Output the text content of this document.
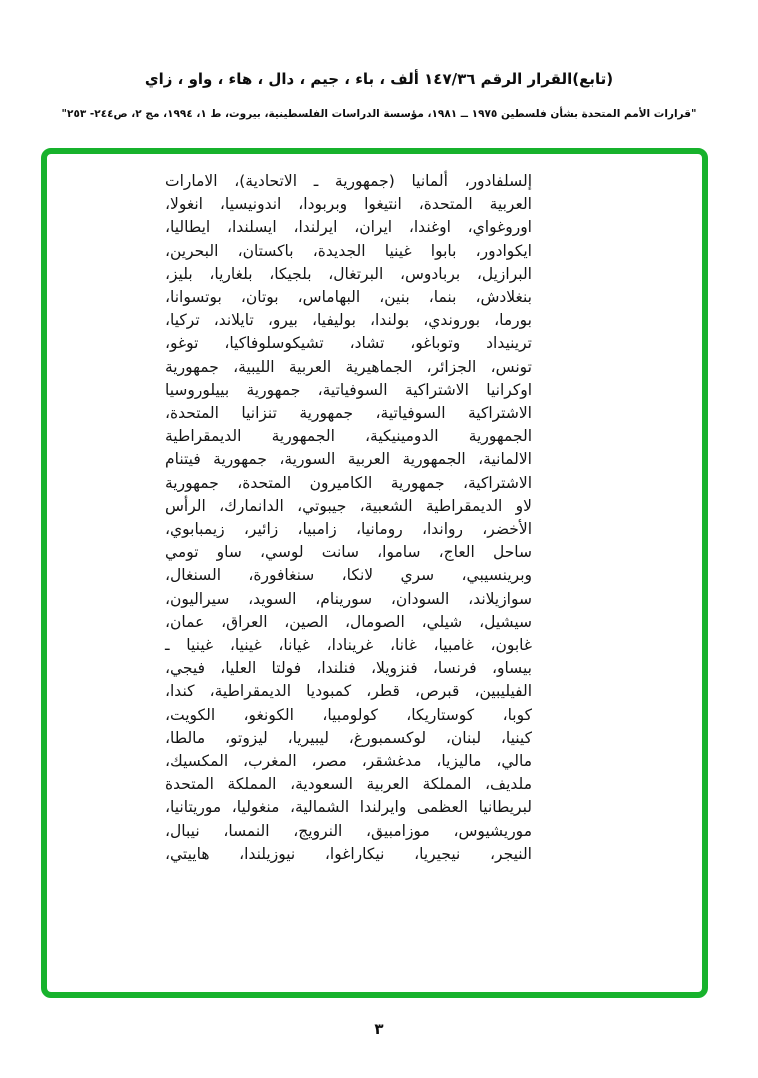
(تابع)القرار الرقم ١٤٧/٣٦ ألف ، باء ، جيم ، دال ، هاء ، واو ، زاي
"قرارات الأمم المتحدة بشأن فلسطين ١٩٧٥ ــ ١٩٨١، مؤسسة الدراسات الفلسطينية، بيروت، ط ١، ١٩٩٤، مج ٢، ص٢٤٤- ٢٥٣"
إلسلفادور، ألمانيا (جمهورية ـ الاتحادية)، الامارات
العربية المتحدة، انتيغوا وبربودا، اندونيسيا، انغولا،
اوروغواي، اوغندا، ايران، ايرلندا، ايسلندا، ايطاليا،
ايكوادور، بابوا غينيا الجديدة، باكستان، البحرين،
البرازيل، بربادوس، البرتغال، بلجيكا، بلغاريا، بليز،
بنغلادش، بنما، بنين، البهاماس، بوتان، بوتسوانا،
بورما، بوروندي، بولندا، بوليفيا، بيرو، تايلاند، تركيا،
ترينيداد وتوباغو، تشاد، تشيكوسلوفاكيا، توغو،
تونس، الجزائر، الجماهيرية العربية الليبية، جمهورية
اوكرانيا الاشتراكية السوفياتية، جمهورية بييلوروسيا
الاشتراكية السوفياتية، جمهورية تنزانيا المتحدة،
الجمهورية الدومينيكية، الجمهورية الديمقراطية
الالمانية، الجمهورية العربية السورية، جمهورية فيتنام
الاشتراكية، جمهورية الكاميرون المتحدة، جمهورية
لاو الديمقراطية الشعبية، جيبوتي، الدانمارك، الرأس
الأخضر، رواندا، رومانيا، زامبيا، زائير، زيمبابوي،
ساحل العاج، ساموا، سانت لوسي، ساو تومي
وبرينسيبي، سري لانكا، سنغافورة، السنغال،
سوازيلاند، السودان، سورينام، السويد، سيراليون،
سيشيل، شيلي، الصومال، الصين، العراق، عمان،
غابون، غامبيا، غانا، غرينادا، غيانا، غينيا، غينيا ـ
بيساو، فرنسا، فنزويلا، فنلندا، فولتا العليا، فيجي،
الفيليبين، قبرص، قطر، كمبوديا الديمقراطية، كندا،
كوبا، كوستاريكا، كولومبيا، الكونغو، الكويت،
كينيا، لبنان، لوكسمبورغ، ليبيريا، ليزوتو، مالطا،
مالي، ماليزيا، مدغشقر، مصر، المغرب، المكسيك،
ملديف، المملكة العربية السعودية، المملكة المتحدة
لبريطانيا العظمى وايرلندا الشمالية، منغوليا، موريتانيا،
موريشيوس، موزامبيق، النرويج، النمسا، نيبال،
النيجر، نيجيريا، نيكاراغوا، نيوزيلندا، هاييتي،
٣
